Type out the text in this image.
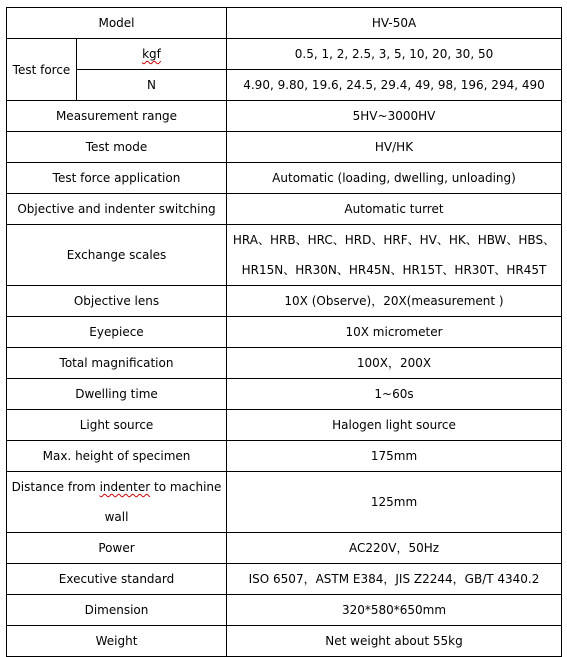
Model		HV-50A
Test force	kgf	0.5, 1, 2, 2.5, 3, 5, 10, 20, 30, 50
	N	4.90, 9.80, 19.6, 24.5, 29.4, 49, 98, 196, 294, 490
Measurement range		5HV~3000HV
Test mode		HV/HK
Test force application		Automatic (loading, dwelling, unloading)
Objective and indenter switching		Automatic turret
Exchange scales		HRA、HRB、HRC、HRD、HRF、HV、HK、HBW、HBS、
HR15N、HR30N、HR45N、HR15T、HR30T、HR45T

Objective lens		10X (Observe)，20X(measurement )
Eyepiece		10X micrometer
Total magnification		100X，200X
Dwelling time		1~60s
Light source		Halogen light source
Max. height of specimen		175mm

Distance from indenter to machine
wall		125mm
Power		AC220V，50Hz
Executive standard		ISO 6507，ASTM E384，JIS Z2244，GB/T 4340.2
Dimension		320*580*650mm
Weight		Net weight about 55kg
